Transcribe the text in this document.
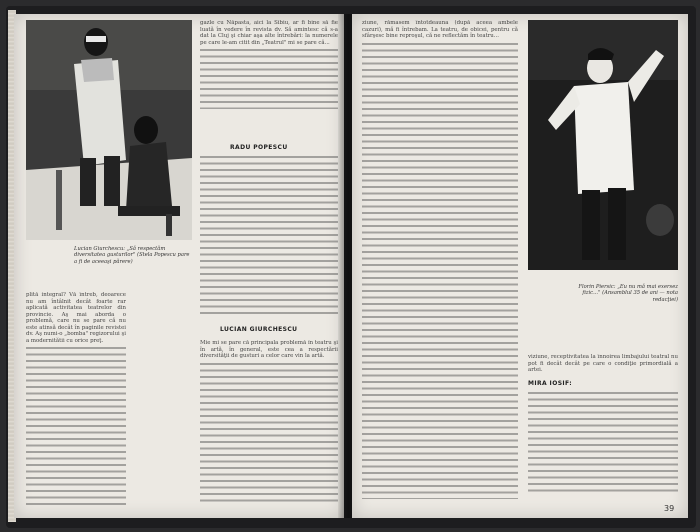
Lucian Giurchescu: „Să respectăm diversitatea gusturilor" (Stela Popescu pare a fi de aceeaşi părere)
plită integral? Vă întreb, deoarece nu am întâlnit decât foarte rar aplicată activitatea teatrelor din provincie. Aş mai aborda o problemă, care nu se pare că nu este atinsă decât în paginile revistei dv. Aş numi-o „bomba" regizorului şi a modernitătii cu orice preţ.
gazle cu Năpasta, aici la Sibiu, ar fi bine să fie luată în vedere în revista dv. Să amintesc că s-a dat la Cluj şi chiar aşa alte întrebări: la numerele pe care le-am citit din „Teatrul" mi se pare că...
RADU POPESCU
LUCIAN GIURCHESCU
Mie mi se pare că principala problemă în teatru şi în artă, în general, este cea a respectării diversităţii de gusturi a celor care vin la artă.
ziune, rămasem întotdeauna (după aceea ambele cazuri), mă fi întrebam. La teatru, de obicei, pentru că sfârşesc bine reproşul, că ne reflectăm în teatru...
Florin Piersic: „Eu nu mă mai exersez fizic..." (Ansamblul 35 de ani — nota redacţiei)
viziune, receptivitatea la înnoirea limbajului teatral nu pot fi decât decât pe care o condiţie primordială a artei.
MIRA IOSIF:
39
